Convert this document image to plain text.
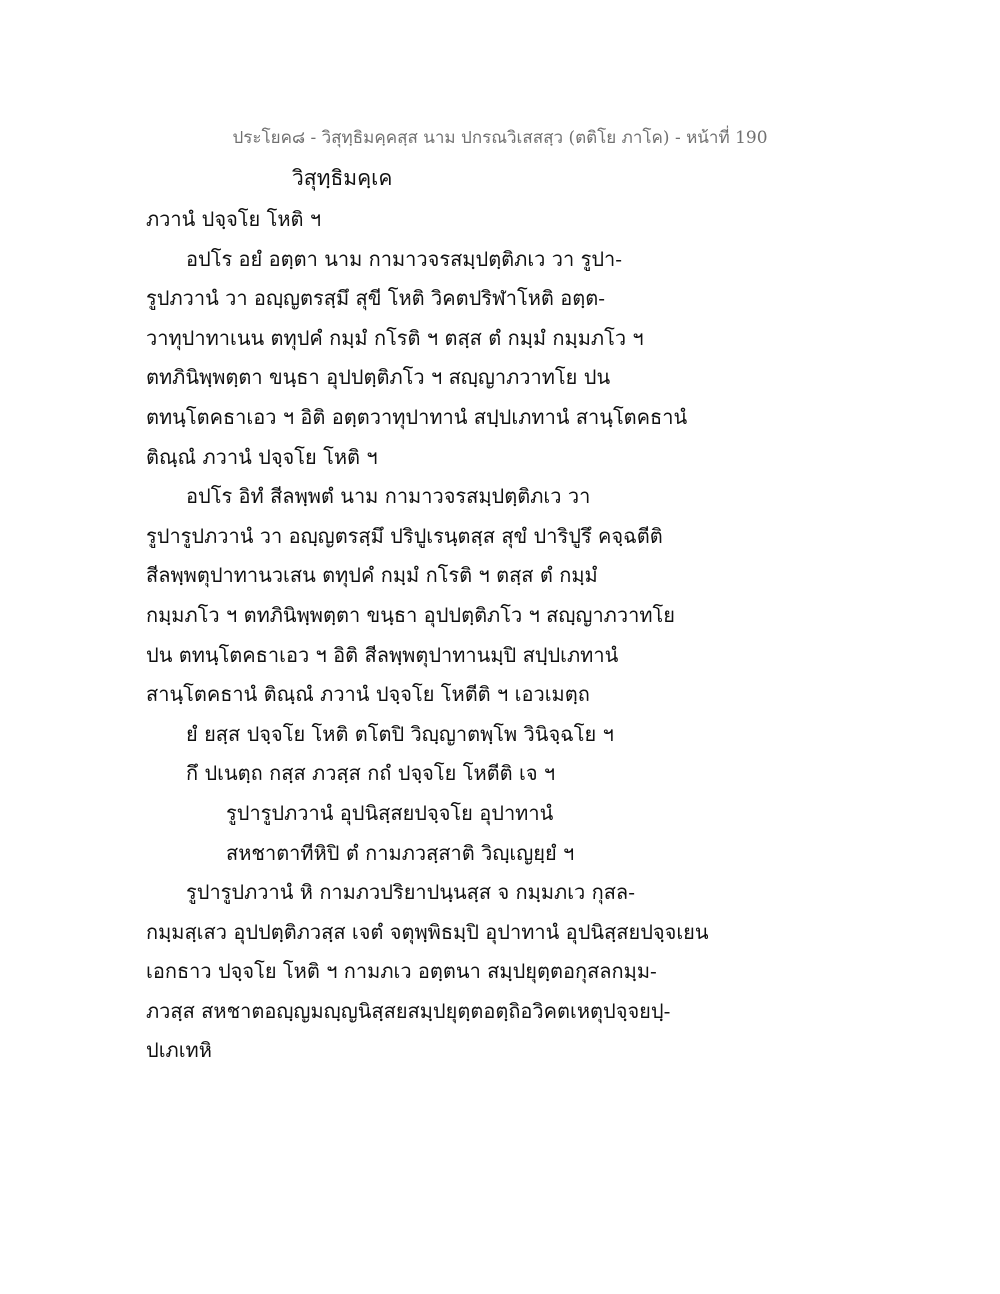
ประโยค๘ - วิสุทฺธิมคฺคสฺส นาม ปกรณวิเสสสฺว (ตติโย ภาโค) - หน้าที่ 190
วิสุทฺธิมคฺเค
ภวานํ ปจฺจโย โหติ ฯ
อปโร อยํ อตฺตา นาม กามาวจรสมฺปตฺติภเว วา รูปา-
รูปภวานํ วา อญฺญตรสฺมึ สุขี โหติ วิคตปริฬาโหติ อตฺต-
วาทุปาทาเนน ตทุปคํ กมฺมํ กโรติ ฯ ตสฺส ตํ กมฺมํ กมฺมภโว ฯ
ตทภินิพฺพตฺตา ขนฺธา อุปปตฺติภโว ฯ สญฺญาภวาทโย ปน
ตทนฺโตคธาเอว ฯ อิติ อตฺตวาทุปาทานํ สปฺปเภทานํ สานฺโตคธานํ
ติณฺณํ ภวานํ ปจฺจโย โหติ ฯ
อปโร อิทํ สีลพฺพตํ นาม กามาวจรสมฺปตฺติภเว วา
รูปารูปภวานํ วา อญฺญตรสฺมึ ปริปูเรนฺตสฺส สุขํ ปาริปูรึ คจฺฉตีติ
สีลพฺพตุปาทานวเสน ตทุปคํ กมฺมํ กโรติ ฯ ตสฺส ตํ กมฺมํ
กมฺมภโว ฯ ตทภินิพฺพตฺตา ขนฺธา อุปปตฺติภโว ฯ สญฺญาภวาทโย
ปน ตทนฺโตคธาเอว ฯ อิติ สีลพฺพตุปาทานมฺปิ สปฺปเภทานํ
สานฺโตคธานํ ติณฺณํ ภวานํ ปจฺจโย โหตีติ ฯ เอวเมตฺถ
ยํ ยสฺส ปจฺจโย โหติ ตโตปิ วิญฺญาตพฺโพ วินิจฺฉโย ฯ
กึ ปเนตฺถ กสฺส ภวสฺส กถํ ปจฺจโย โหตีติ เจ ฯ
รูปารูปภวานํ อุปนิสฺสยปจฺจโย อุปาทานํ
สหชาตาทีหิปิ ตํ กามภวสฺสาติ วิญฺเญยฺยํ ฯ
รูปารูปภวานํ หิ กามภวปริยาปนฺนสฺส จ กมฺมภเว กุสล-
กมฺมสฺเสว อุปปตฺติภวสฺส เจตํ จตุพฺพิธมฺปิ อุปาทานํ อุปนิสฺสยปจฺจเยน
เอกธาว ปจฺจโย โหติ ฯ กามภเว อตฺตนา สมฺปยุตฺตอกุสลกมฺม-
ภวสฺส สหชาตอญฺญมญฺญนิสฺสยสมฺปยุตฺตอตฺถิอวิคตเหตุปจฺจยปฺ-
ปเภเทหิ
